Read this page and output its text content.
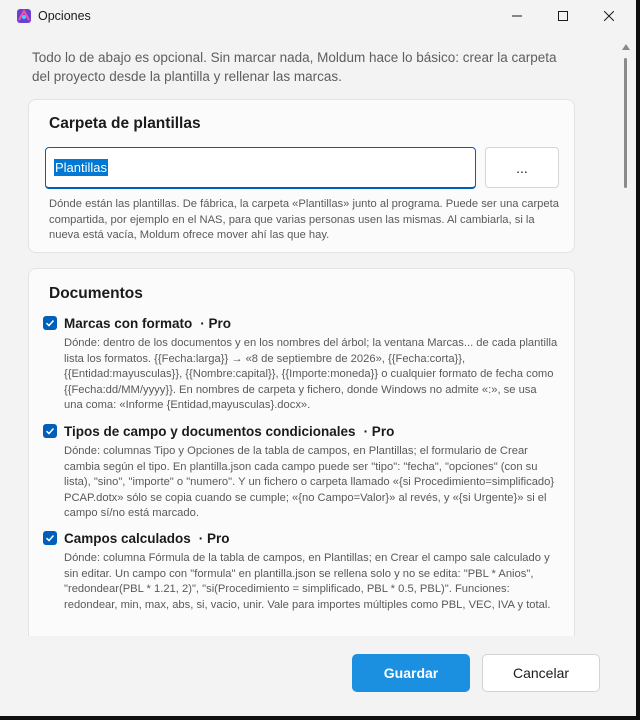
Opciones

Todo lo de abajo es opcional. Sin marcar nada, Moldum hace lo básico: crear la carpeta del proyecto desde la plantilla y rellenar las marcas.

Carpeta de plantillas
Plantillas	...

Dónde están las plantillas. De fábrica, la carpeta «Plantillas» junto al programa. Puede ser una carpeta compartida, por ejemplo en el NAS, para que varias personas usen las mismas. Al cambiarla, si la nueva está vacía, Moldum ofrece mover ahí las que hay.

Documentos
Marcas con formato · Pro

Dónde: dentro de los documentos y en los nombres del árbol; la ventana Marcas... de cada plantilla lista los formatos. {{Fecha:larga}} → «8 de septiembre de 2026», {{Fecha:corta}}, {{Entidad:mayusculas}}, {{Nombre:capital}}, {{Importe:moneda}} o cualquier formato de fecha como {{Fecha:dd/MM/yyyy}}. En nombres de carpeta y fichero, donde Windows no admite «:», se usa una coma: «Informe {Entidad,mayusculas}.docx».

Tipos de campo y documentos condicionales · Pro

Dónde: columnas Tipo y Opciones de la tabla de campos, en Plantillas; el formulario de Crear cambia según el tipo. En plantilla.json cada campo puede ser "tipo": "fecha", "opciones" (con su lista), "sino", "importe" o "numero". Y un fichero o carpeta llamado «{si Procedimiento=simplificado} PCAP.dotx» sólo se copia cuando se cumple; «{no Campo=Valor}» al revés, y «{si Urgente}» si el campo sí/no está marcado.

Campos calculados · Pro

Dónde: columna Fórmula de la tabla de campos, en Plantillas; en Crear el campo sale calculado y sin editar. Un campo con "formula" en plantilla.json se rellena solo y no se edita: "PBL * Anios", "redondear(PBL * 1.21, 2)", "si(Procedimiento = simplificado, PBL * 0.5, PBL)". Funciones: redondear, min, max, abs, si, vacio, unir. Vale para importes múltiples como PBL, VEC, IVA y total.

Guardar	Cancelar
